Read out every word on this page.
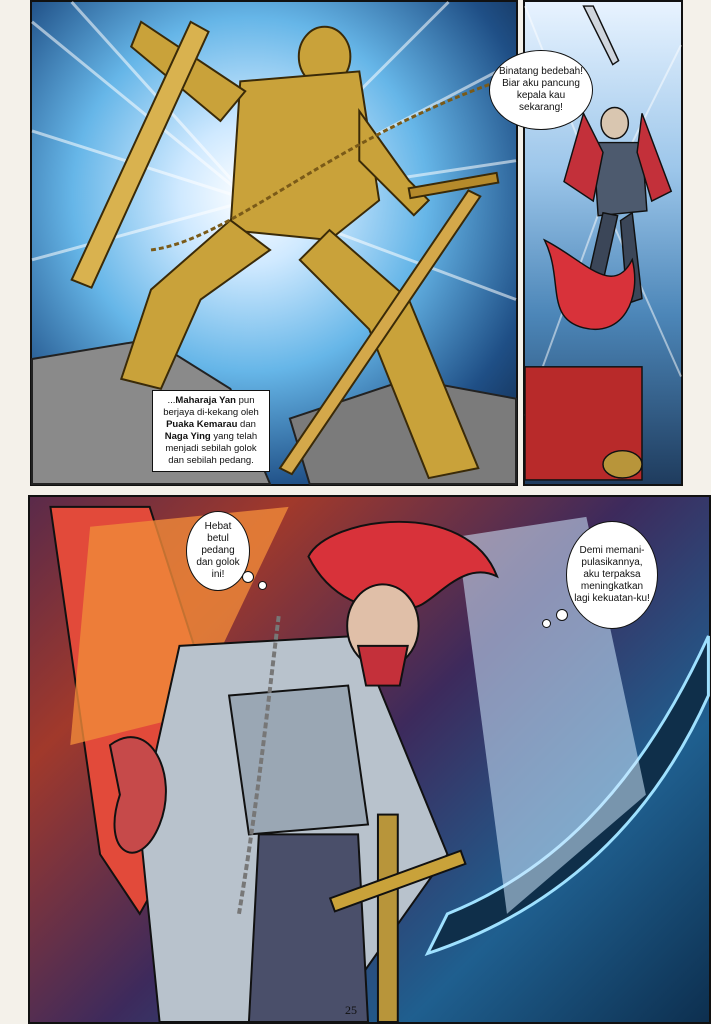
...Maharaja Yan pun berjaya di-kekang oleh Puaka Kemarau dan Naga Ying yang telah menjadi sebilah golok dan sebilah pedang.
Binatang bedebah! Biar aku pancung kepala kau sekarang!
Hebat betul pedang dan golok ini!
Demi memani-pulasikannya, aku terpaksa meningkatkan lagi kekuatan-ku!
25
